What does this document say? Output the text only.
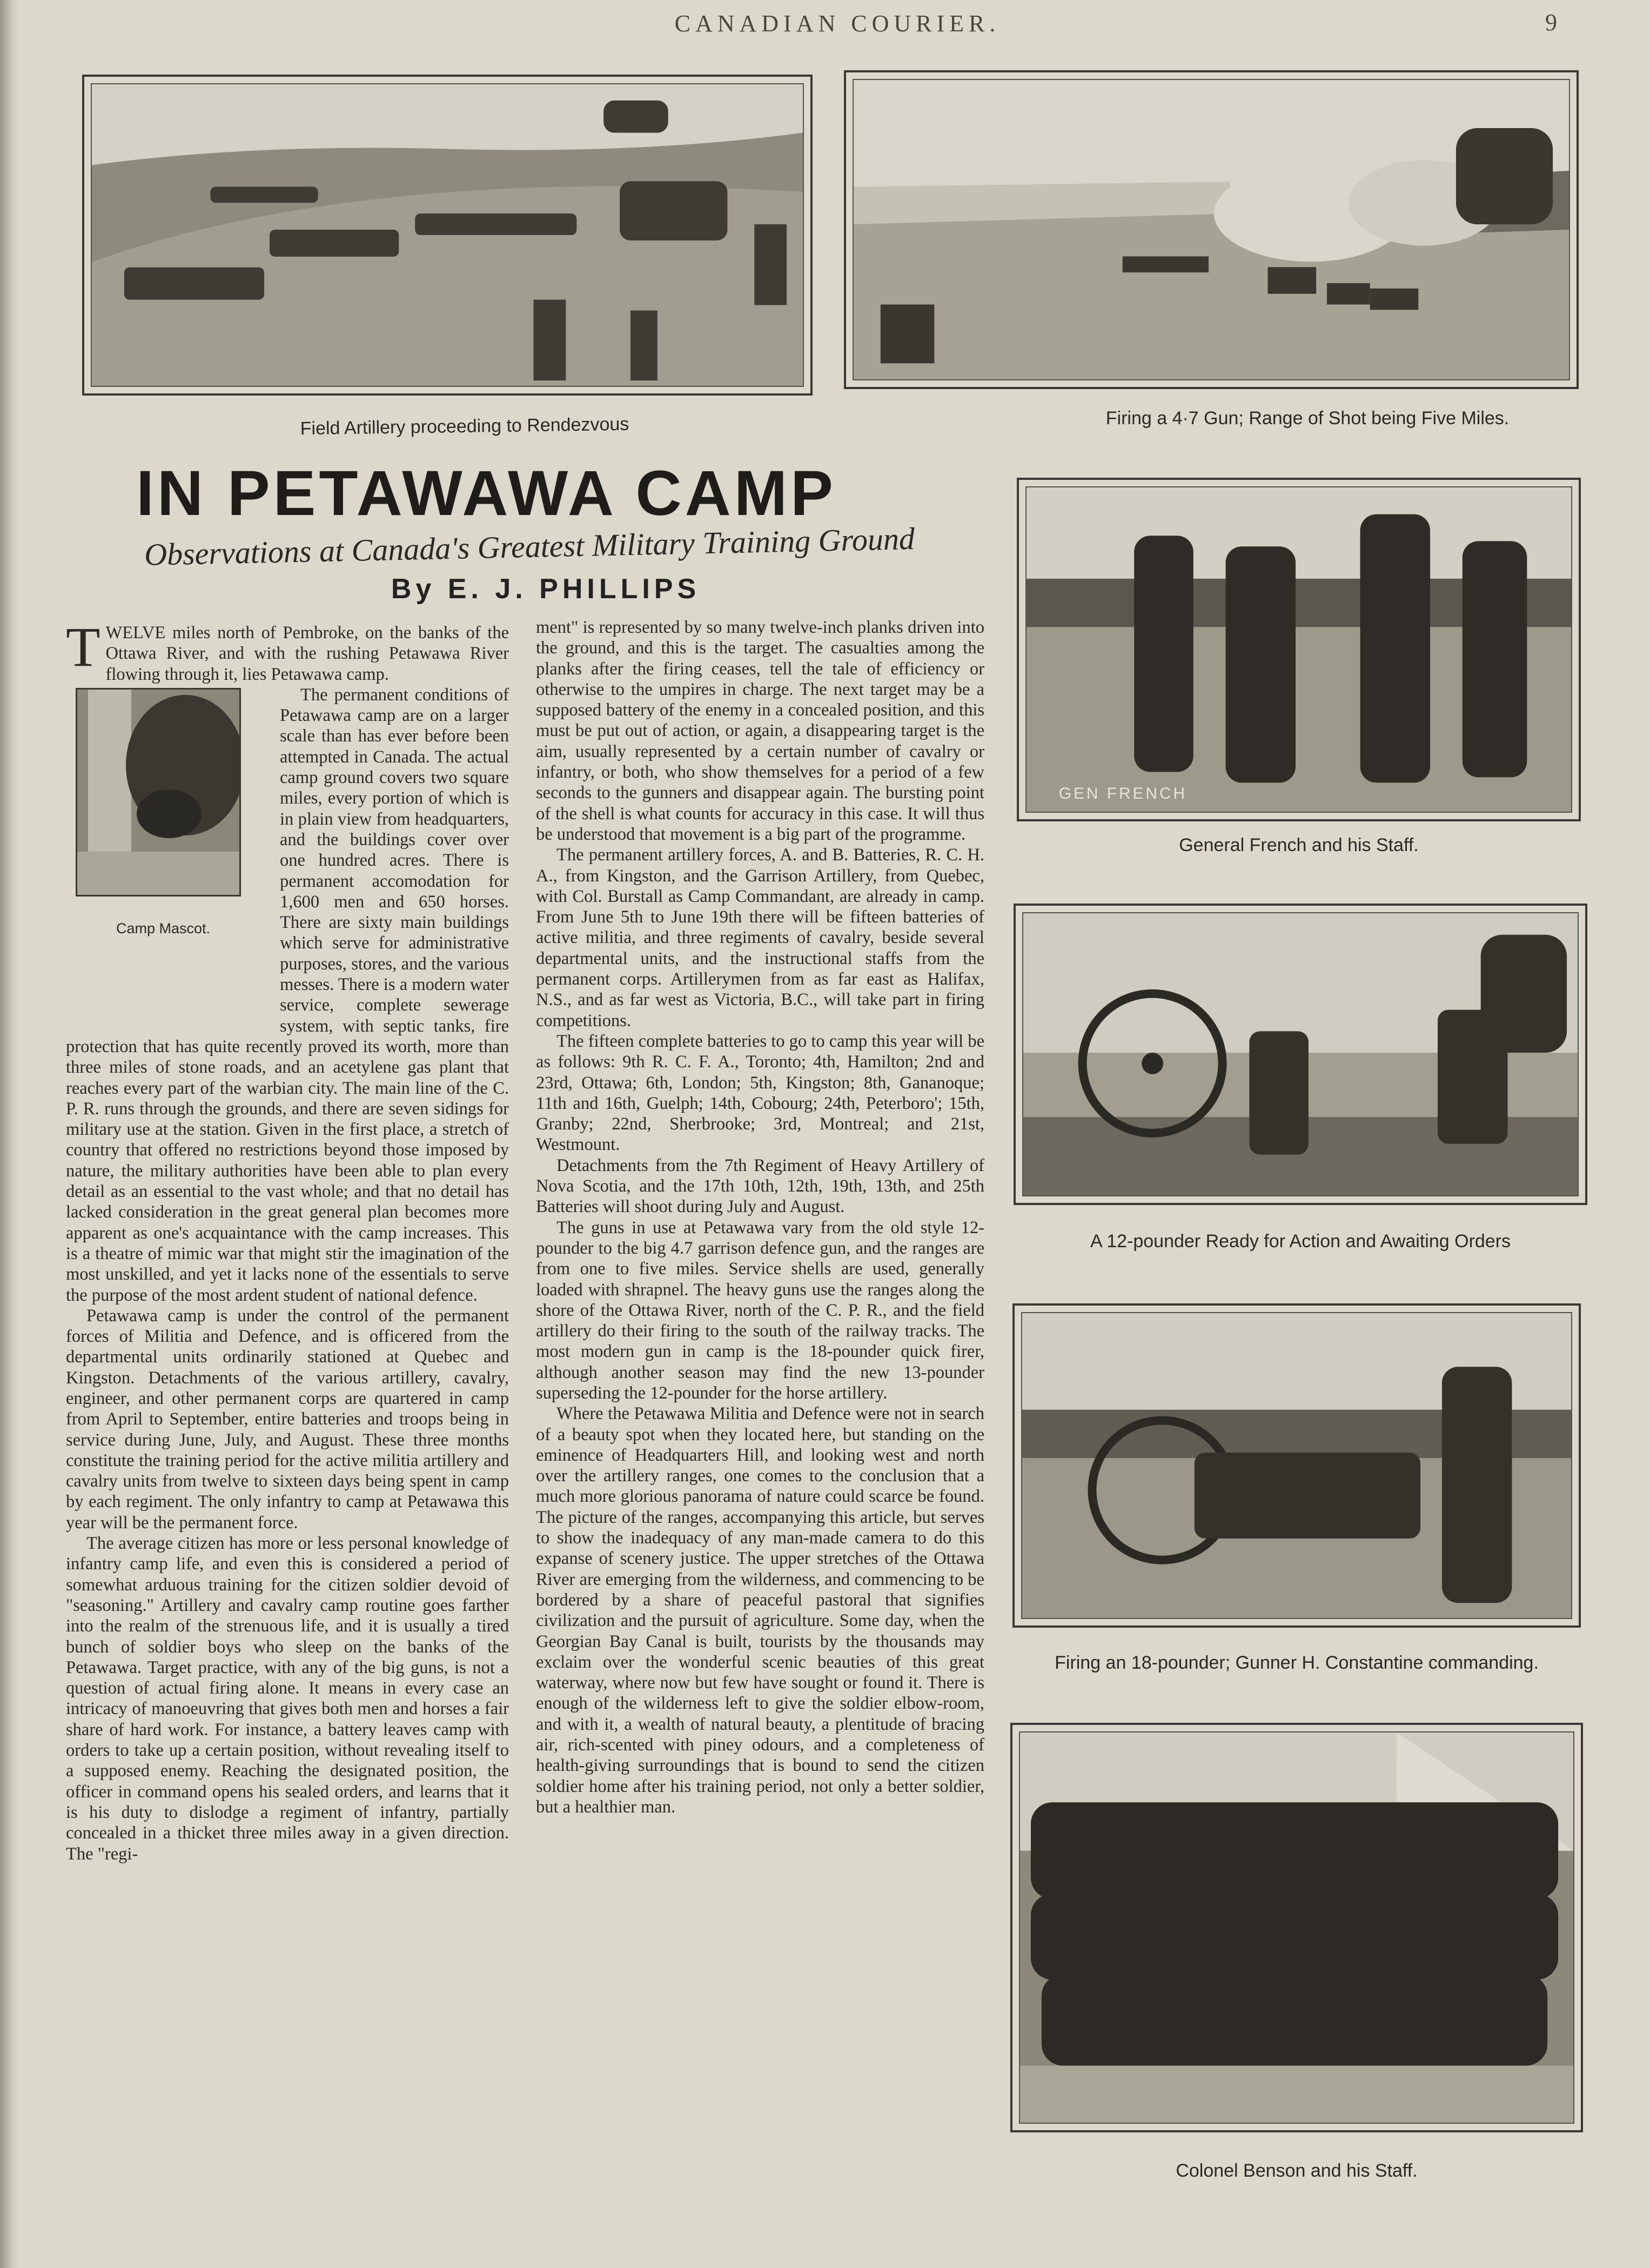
CANADIAN COURIER.	9
Field Artillery proceeding to Rendezvous	Firing a 4·7 Gun; Range of Shot being Five Miles.
IN PETAWAWA CAMP
Observations at Canada's Greatest Military Training Ground
By E. J. PHILLIPS

TWELVE miles north of Pembroke, on the banks of the Ottawa River, and with the rushing Petawawa River flowing through it, lies Petawawa camp.

Camp Mascot.

The permanent conditions of Petawawa camp are on a larger scale than has ever before been attempted in Canada. The actual camp ground covers two square miles, every portion of which is in plain view from headquarters, and the buildings cover over one hundred acres. There is permanent accomodation for 1,600 men and 650 horses. There are sixty main buildings which serve for administrative purposes, stores, and the various messes. There is a modern water service, complete sewerage system, with septic tanks, fire protection that has quite recently proved its worth, more than three miles of stone roads, and an acetylene gas plant that reaches every part of the warbian city. The main line of the C. P. R. runs through the grounds, and there are seven sidings for military use at the station. Given in the first place, a stretch of country that offered no restrictions beyond those imposed by nature, the military authorities have been able to plan every detail as an essential to the vast whole; and that no detail has lacked consideration in the great general plan becomes more apparent as one's acquaintance with the camp increases. This is a theatre of mimic war that might stir the imagination of the most unskilled, and yet it lacks none of the essentials to serve the purpose of the most ardent student of national defence.

Petawawa camp is under the control of the permanent forces of Militia and Defence, and is officered from the departmental units ordinarily stationed at Quebec and Kingston. Detachments of the various artillery, cavalry, engineer, and other permanent corps are quartered in camp from April to September, entire batteries and troops being in service during June, July, and August. These three months constitute the training period for the active militia artillery and cavalry units from twelve to sixteen days being spent in camp by each regiment. The only infantry to camp at Petawawa this year will be the permanent force.

The average citizen has more or less personal knowledge of infantry camp life, and even this is considered a period of somewhat arduous training for the citizen soldier devoid of "seasoning." Artillery and cavalry camp routine goes farther into the realm of the strenuous life, and it is usually a tired bunch of soldier boys who sleep on the banks of the Petawawa. Target practice, with any of the big guns, is not a question of actual firing alone. It means in every case an intricacy of manoeuvring that gives both men and horses a fair share of hard work. For instance, a battery leaves camp with orders to take up a certain position, without revealing itself to a supposed enemy. Reaching the designated position, the officer in command opens his sealed orders, and learns that it is his duty to dislodge a regiment of infantry, partially concealed in a thicket three miles away in a given direction. The "regi-

ment" is represented by so many twelve-inch planks driven into the ground, and this is the target. The casualties among the planks after the firing ceases, tell the tale of efficiency or otherwise to the umpires in charge. The next target may be a supposed battery of the enemy in a concealed position, and this must be put out of action, or again, a disappearing target is the aim, usually represented by a certain number of cavalry or infantry, or both, who show themselves for a period of a few seconds to the gunners and disappear again. The bursting point of the shell is what counts for accuracy in this case. It will thus be understood that movement is a big part of the programme.

The permanent artillery forces, A. and B. Batteries, R. C. H. A., from Kingston, and the Garrison Artillery, from Quebec, with Col. Burstall as Camp Commandant, are already in camp. From June 5th to June 19th there will be fifteen batteries of active militia, and three regiments of cavalry, beside several departmental units, and the instructional staffs from the permanent corps. Artillerymen from as far east as Halifax, N.S., and as far west as Victoria, B.C., will take part in firing competitions.

The fifteen complete batteries to go to camp this year will be as follows: 9th R. C. F. A., Toronto; 4th, Hamilton; 2nd and 23rd, Ottawa; 6th, London; 5th, Kingston; 8th, Gananoque; 11th and 16th, Guelph; 14th, Cobourg; 24th, Peterboro'; 15th, Granby; 22nd, Sherbrooke; 3rd, Montreal; and 21st, Westmount.

Detachments from the 7th Regiment of Heavy Artillery of Nova Scotia, and the 17th 10th, 12th, 19th, 13th, and 25th Batteries will shoot during July and August.

The guns in use at Petawawa vary from the old style 12-pounder to the big 4.7 garrison defence gun, and the ranges are from one to five miles. Service shells are used, generally loaded with shrapnel. The heavy guns use the ranges along the shore of the Ottawa River, north of the C. P. R., and the field artillery do their firing to the south of the railway tracks. The most modern gun in camp is the 18-pounder quick firer, although another season may find the new 13-pounder superseding the 12-pounder for the horse artillery.

Where the Petawawa Militia and Defence were not in search of a beauty spot when they located here, but standing on the eminence of Headquarters Hill, and looking west and north over the artillery ranges, one comes to the conclusion that a much more glorious panorama of nature could scarce be found. The picture of the ranges, accompanying this article, but serves to show the inadequacy of any man-made camera to do this expanse of scenery justice. The upper stretches of the Ottawa River are emerging from the wilderness, and commencing to be bordered by a share of peaceful pastoral that signifies civilization and the pursuit of agriculture. Some day, when the Georgian Bay Canal is built, tourists by the thousands may exclaim over the wonderful scenic beauties of this great waterway, where now but few have sought or found it. There is enough of the wilderness left to give the soldier elbow-room, and with it, a wealth of natural beauty, a plentitude of bracing air, rich-scented with piney odours, and a completeness of health-giving surroundings that is bound to send the citizen soldier home after his training period, not only a better soldier, but a healthier man.

GEN FRENCH
General French and his Staff.
A 12-pounder Ready for Action and Awaiting Orders
Firing an 18-pounder; Gunner H. Constantine commanding.
Colonel Benson and his Staff.
